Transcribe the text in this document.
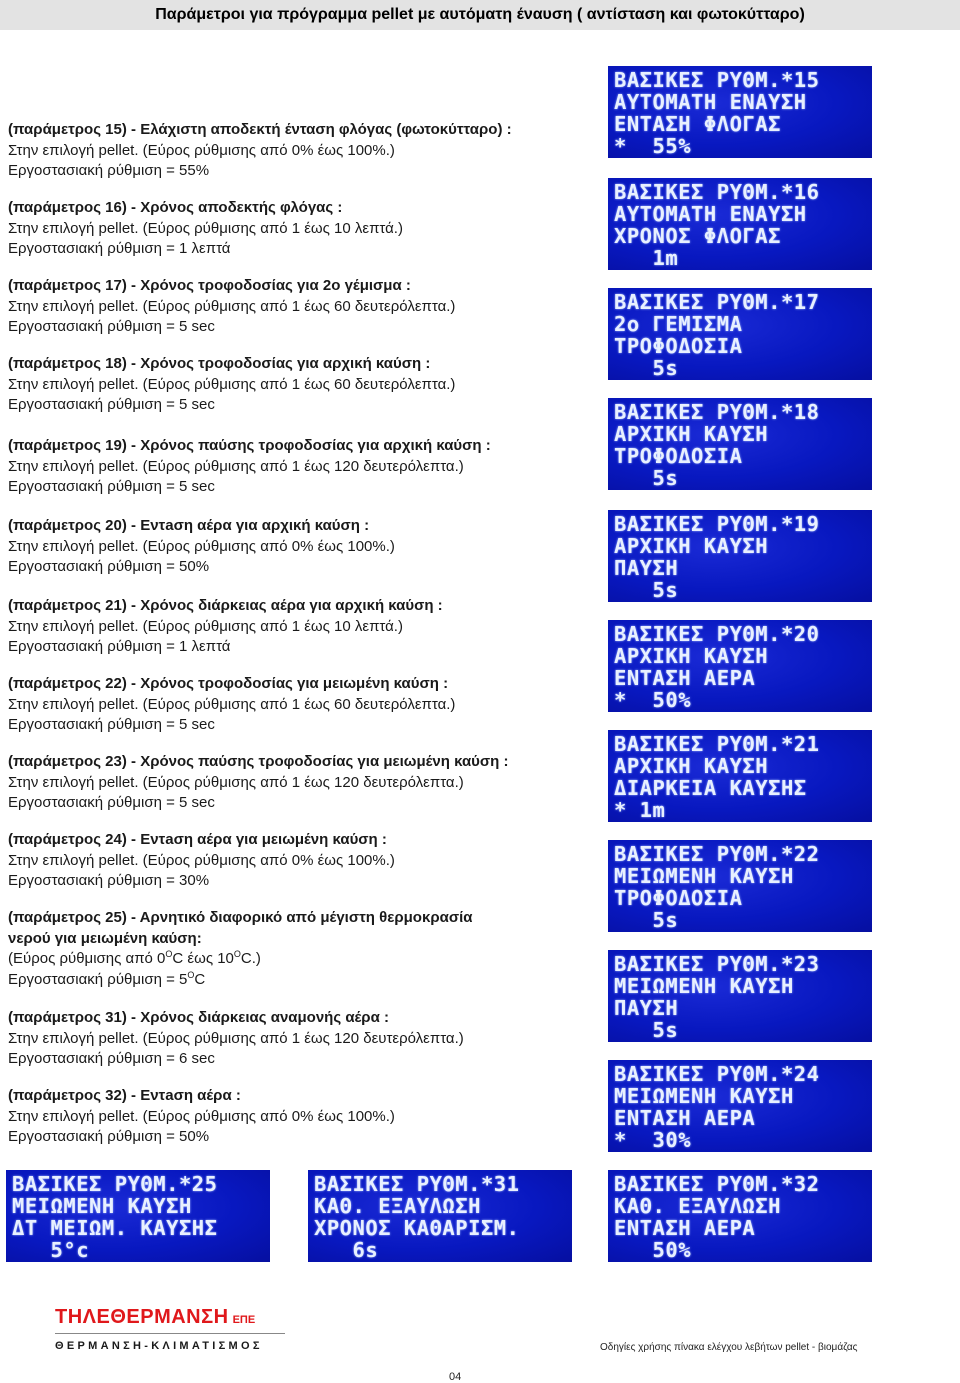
Παράμετροι για πρόγραμμα pellet με αυτόματη έναυση ( αντίσταση και φωτοκύτταρο)
(παράμετρος 15) - Ελάχιστη αποδεκτή ένταση φλόγας (φωτοκύτταρο) :
Στην επιλογή pellet. (Εύρος ρύθμισης από 0% έως 100%.)
Εργοστασιακή ρύθμιση = 55%
(παράμετρος 16) - Χρόνος αποδεκτής φλόγας :
Στην επιλογή pellet. (Εύρος ρύθμισης από 1 έως 10 λεπτά.)
Εργοστασιακή ρύθμιση = 1 λεπτά
(παράμετρος 17) - Χρόνος τροφοδοσίας για 2ο γέμισμα :
Στην επιλογή pellet. (Εύρος ρύθμισης από 1 έως 60 δευτερόλεπτα.)
Εργοστασιακή ρύθμιση = 5 sec
(παράμετρος 18) - Χρόνος τροφοδοσίας για αρχική καύση :
Στην επιλογή pellet. (Εύρος ρύθμισης από 1 έως 60 δευτερόλεπτα.)
Εργοστασιακή ρύθμιση = 5 sec
(παράμετρος 19) - Χρόνος παύσης τροφοδοσίας για αρχική καύση :
Στην επιλογή pellet. (Εύρος ρύθμισης από 1 έως 120 δευτερόλεπτα.)
Εργοστασιακή ρύθμιση = 5 sec
(παράμετρος 20) - Εντaση αέρα για αρχική καύση :
Στην επιλογή pellet. (Εύρος ρύθμισης από 0% έως 100%.)
Εργοστασιακή ρύθμιση = 50%
(παράμετρος 21) - Χρόνος διάρκειας αέρα για αρχική καύση :
Στην επιλογή pellet. (Εύρος ρύθμισης από 1 έως 10 λεπτά.)
Εργοστασιακή ρύθμιση = 1 λεπτά
(παράμετρος 22) - Χρόνος τροφοδοσίας για μειωμένη καύση :
Στην επιλογή pellet. (Εύρος ρύθμισης από 1 έως 60 δευτερόλεπτα.)
Εργοστασιακή ρύθμιση = 5 sec
(παράμετρος 23) - Χρόνος παύσης τροφοδοσίας για μειωμένη καύση :
Στην επιλογή pellet. (Εύρος ρύθμισης από 1 έως 120 δευτερόλεπτα.)
Εργοστασιακή ρύθμιση = 5 sec
(παράμετρος 24) - Εντaση αέρα για μειωμένη καύση :
Στην επιλογή pellet. (Εύρος ρύθμισης από 0% έως 100%.)
Εργοστασιακή ρύθμιση = 30%
(παράμετρος 25) - Αρνητικό διαφορικό από μέγιστη θερμοκρασία
νερού για μειωμένη καύση:
(Εύρος ρύθμισης από $0^OC$ έως $10^OC$.)
Εργοστασιακή $\rho ύ\theta\mu\iota\sigma\eta = 5^OC$
(παράμετρος 31) - Χρόνος διάρκειας αναμονής αέρα :
Στην επιλογή pellet. (Εύρος ρύθμισης από 1 έως 120 δευτερόλεπτα.)
Εργοστασιακή ρύθμιση = 6 sec
(παράμετρος 32) - Εντaση αέρα :
Στην επιλογή pellet. (Εύρος ρύθμισης από 0% έως 100%.)
Εργοστασιακή ρύθμιση = 50%
ΒΑΣΙΚΕΣ ΡΥΘΜ.*15
ΑΥΤΟΜΑΤΗ ΕΝΑΥΣΗ
ΕΝΤΑΣΗ ΦΛΟΓΑΣ
*  55%
ΒΑΣΙΚΕΣ ΡΥΘΜ.*16
ΑΥΤΟΜΑΤΗ ΕΝΑΥΣΗ
ΧΡΟΝΟΣ ΦΛΟΓΑΣ
1m
ΒΑΣΙΚΕΣ ΡΥΘΜ.*17
2ο ΓΕΜΙΣΜΑ
ΤΡΟΦΟΔΟΣΙΑ
5s
ΒΑΣΙΚΕΣ ΡΥΘΜ.*18
ΑΡΧΙΚΗ ΚΑΥΣΗ
ΤΡΟΦΟΔΟΣΙΑ
5s
ΒΑΣΙΚΕΣ ΡΥΘΜ.*19
ΑΡΧΙΚΗ ΚΑΥΣΗ
ΠΑΥΣΗ
5s
ΒΑΣΙΚΕΣ ΡΥΘΜ.*20
ΑΡΧΙΚΗ ΚΑΥΣΗ
ΕΝΤΑΣΗ ΑΕΡΑ
*  50%
ΒΑΣΙΚΕΣ ΡΥΘΜ.*21
ΑΡΧΙΚΗ ΚΑΥΣΗ
ΔΙΑΡΚΕΙΑ ΚΑΥΣΗΣ
* 1m
ΒΑΣΙΚΕΣ ΡΥΘΜ.*22
ΜΕΙΩΜΕΝΗ ΚΑΥΣΗ
ΤΡΟΦΟΔΟΣΙΑ
5s
ΒΑΣΙΚΕΣ ΡΥΘΜ.*23
ΜΕΙΩΜΕΝΗ ΚΑΥΣΗ
ΠΑΥΣΗ
5s
ΒΑΣΙΚΕΣ ΡΥΘΜ.*24
ΜΕΙΩΜΕΝΗ ΚΑΥΣΗ
ΕΝΤΑΣΗ ΑΕΡΑ
*  30%
ΒΑΣΙΚΕΣ ΡΥΘΜ.*25
ΜΕΙΩΜΕΝΗ ΚΑΥΣΗ
ΔΤ ΜΕΙΩΜ. ΚΑΥΣΗΣ
5°c
ΒΑΣΙΚΕΣ ΡΥΘΜ.*31
ΚΑΘ. ΕΞΑΥΛΩΣΗ
ΧΡΟΝΟΣ ΚΑΘΑΡΙΣΜ.
6s
ΒΑΣΙΚΕΣ ΡΥΘΜ.*32
ΚΑΘ. ΕΞΑΥΛΩΣΗ
ΕΝΤΑΣΗ ΑΕΡΑ
50%
ΤΗΛΕΘΕΡΜΑΝΣΗ ΕΠΕ
ΘΕΡΜΑΝΣΗ-ΚΛΙΜΑΤΙΣΜΟΣ	Οδηγίες χρήσης πίνακα ελέγχου λεβήτων pellet - βιομάζας
04
